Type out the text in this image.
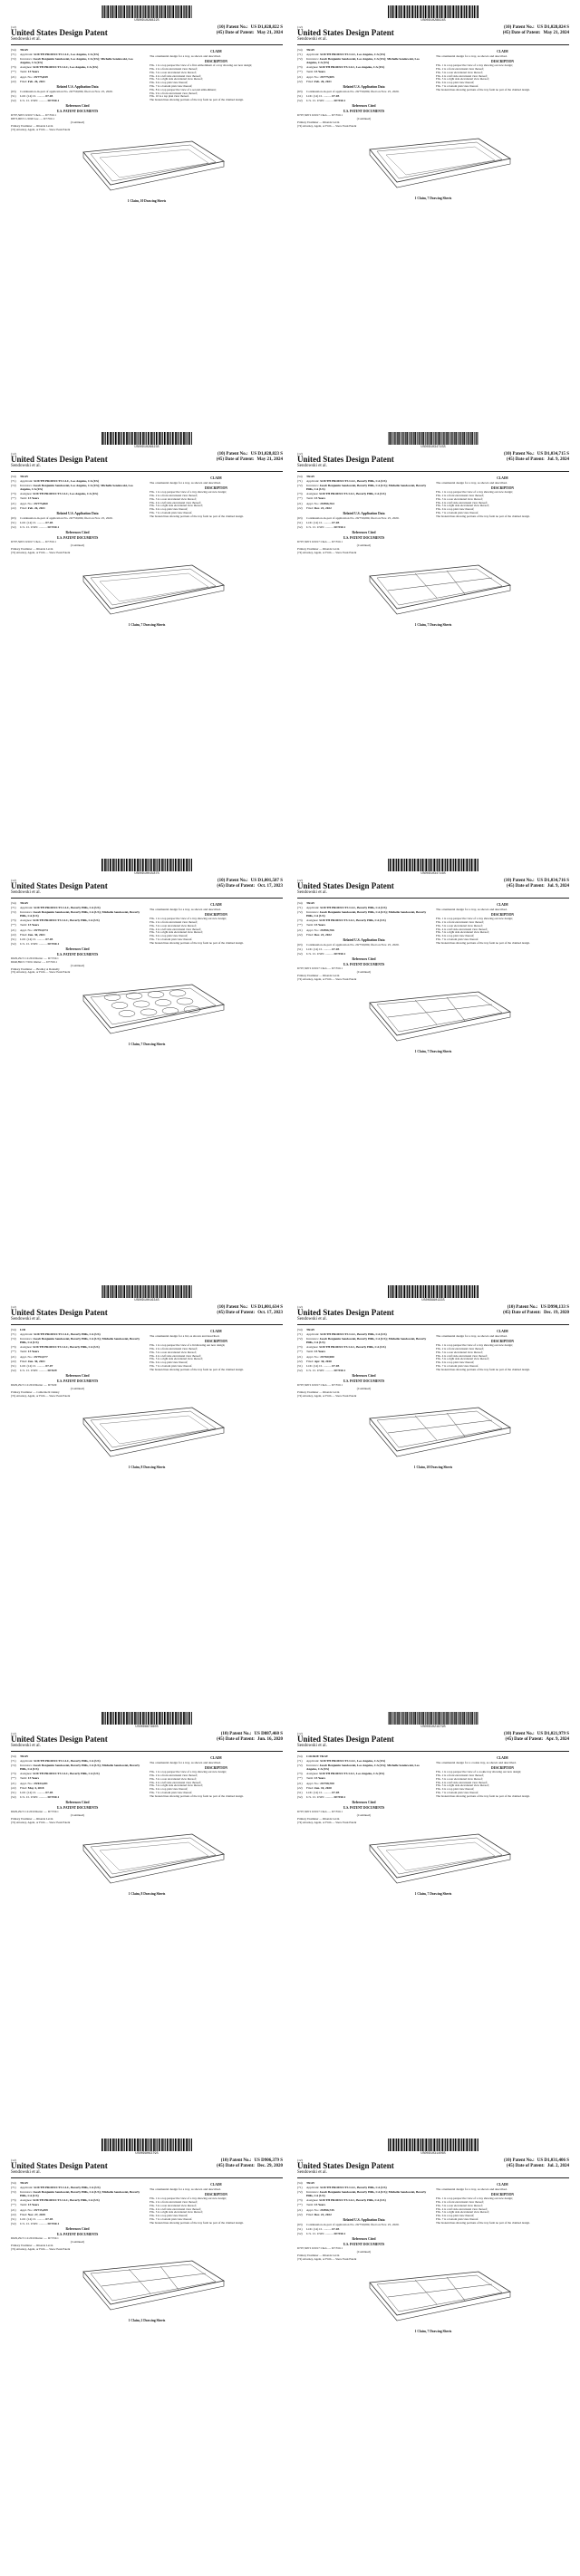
US00D1028822S
(12)
United States Design Patent
Sendowski et al.
(10) Patent No.: US D1,028,822 S
(45) Date of Patent: May 21, 2024
(54)	TRAY
(71)	Applicant: SOUTH PRODUCTS LLC, Los Angeles, CA (US)
(72)	Inventors: Jacob Benjamin Sendowski, Los Angeles, CA (US); Michelle Sendowski, Los Angeles, CA (US)
(73)	Assignee: SOUTH PRODUCTS LLC, Los Angeles, CA (US)
(**)	Term: 15 Years
(21)	Appl. No.: 29/775,849
(22)	Filed: Feb. 26, 2021
Related U.S. Application Data
(63)	Continuation-in-part of application No. 29/759,069, filed on Nov. 25, 2020.
(51)	LOC (14) Cl. .......... 07-05
(52)	U.S. Cl. USPC .......... D7/550.1
References Cited
U.S. PATENT DOCUMENTS
D797,568 S 9/2017 Chen ..... D7/550.1
D873,069 S 1/2020 Lee ..... D7/550.1
(Continued)
Primary Examiner — Rhonda Lavin
(74) Attorney, Agent, or Firm — Snow Peak Patent
CLAIM
The ornamental design for a tray, as shown and described.
DESCRIPTION
FIG. 1 is a top perspective view of a first embodiment of a tray showing our new design;
FIG. 2 is a front elevational view thereof;
FIG. 3 is a rear elevational view thereof;
FIG. 4 is a left side elevational view thereof;
FIG. 5 is a right side elevational view thereof;
FIG. 6 is a top plan view thereof;
FIG. 7 is a bottom plan view thereof;
FIG. 8 is a top perspective view of a second embodiment;
FIG. 9 is a front elevational view thereof;
FIG. 10 is a top plan view thereof.
The broken lines showing portions of the tray form no part of the claimed design.
1 Claim, 10 Drawing Sheets
US00D1028824S
(12)
United States Design Patent
Sendowski et al.
(10) Patent No.: US D1,028,824 S
(45) Date of Patent: May 21, 2024
(54)	TRAY
(71)	Applicant: SOUTH PRODUCTS LLC, Los Angeles, CA (US)
(72)	Inventors: Jacob Benjamin Sendowski, Los Angeles, CA (US); Michelle Sendowski, Los Angeles, CA (US)
(73)	Assignee: SOUTH PRODUCTS LLC, Los Angeles, CA (US)
(**)	Term: 15 Years
(21)	Appl. No.: 29/775,905
(22)	Filed: Feb. 26, 2021
Related U.S. Application Data
(63)	Continuation-in-part of application No. 29/759,069, filed on Nov. 25, 2020.
(51)	LOC (14) Cl. .......... 07-05
(52)	U.S. Cl. USPC .......... D7/550.1
References Cited
U.S. PATENT DOCUMENTS
D797,568 S 9/2017 Chen ..... D7/550.1
(Continued)
Primary Examiner — Rhonda Lavin
(74) Attorney, Agent, or Firm — Snow Peak Patent
CLAIM
The ornamental design for a tray, as shown and described.
DESCRIPTION
FIG. 1 is a top perspective view of a tray showing our new design;
FIG. 2 is a front elevational view thereof;
FIG. 3 is a rear elevational view thereof;
FIG. 4 is a left side elevational view thereof;
FIG. 5 is a right side elevational view thereof;
FIG. 6 is a top plan view thereof;
FIG. 7 is a bottom plan view thereof.
The broken lines showing portions of the tray form no part of the claimed design.
1 Claim, 7 Drawing Sheets
US00D1028823S
(12)
United States Design Patent
Sendowski et al.
(10) Patent No.: US D1,028,823 S
(45) Date of Patent: May 21, 2024
(54)	TRAY
(71)	Applicant: SOUTH PRODUCTS LLC, Los Angeles, CA (US)
(72)	Inventors: Jacob Benjamin Sendowski, Los Angeles, CA (US); Michelle Sendowski, Los Angeles, CA (US)
(73)	Assignee: SOUTH PRODUCTS LLC, Los Angeles, CA (US)
(**)	Term: 15 Years
(21)	Appl. No.: 29/775,860
(22)	Filed: Feb. 26, 2021
Related U.S. Application Data
(63)	Continuation-in-part of application No. 29/759,069, filed on Nov. 25, 2020.
(51)	LOC (14) Cl. .......... 07-05
(52)	U.S. Cl. USPC .......... D7/550.1
References Cited
U.S. PATENT DOCUMENTS
D797,568 S 9/2017 Chen ..... D7/550.1
(Continued)
Primary Examiner — Rhonda Lavin
(74) Attorney, Agent, or Firm — Snow Peak Patent
CLAIM
The ornamental design for a tray, as shown and described.
DESCRIPTION
FIG. 1 is a top perspective view of a tray showing our new design;
FIG. 2 is a front elevational view thereof;
FIG. 3 is a rear elevational view thereof;
FIG. 4 is a left side elevational view thereof;
FIG. 5 is a right side elevational view thereof;
FIG. 6 is a top plan view thereof;
FIG. 7 is a bottom plan view thereof.
The broken lines showing portions of the tray form no part of the claimed design.
1 Claim, 7 Drawing Sheets
US00D1034715S
(12)
United States Design Patent
Sendowski et al.
(10) Patent No.: US D1,034,715 S
(45) Date of Patent: Jul. 9, 2024
(54)	TRAY
(71)	Applicant: SOUTH PRODUCTS LLC, Beverly Hills, CA (US)
(72)	Inventors: Jacob Benjamin Sendowski, Beverly Hills, CA (US); Michelle Sendowski, Beverly Hills, CA (US)
(73)	Assignee: SOUTH PRODUCTS LLC, Beverly Hills, CA (US)
(**)	Term: 15 Years
(21)	Appl. No.: 29/856,764
(22)	Filed: Dec. 23, 2022
Related U.S. Application Data
(63)	Continuation-in-part of application No. 29/759,069, filed on Nov. 25, 2020.
(51)	LOC (14) Cl. .......... 07-05
(52)	U.S. Cl. USPC .......... D7/550.1
References Cited
U.S. PATENT DOCUMENTS
D797,568 S 9/2017 Chen ..... D7/550.1
(Continued)
Primary Examiner — Rhonda Lavin
(74) Attorney, Agent, or Firm — Snow Peak Patent
CLAIM
The ornamental design for a tray, as shown and described.
DESCRIPTION
FIG. 1 is a top perspective view of a tray showing our new design;
FIG. 2 is a front elevational view thereof;
FIG. 3 is a rear elevational view thereof;
FIG. 4 is a left side elevational view thereof;
FIG. 5 is a right side elevational view thereof;
FIG. 6 is a top plan view thereof;
FIG. 7 is a bottom plan view thereof.
The broken lines showing portions of the tray form no part of the claimed design.
1 Claim, 7 Drawing Sheets
US00D1001587S
(12)
United States Design Patent
Sendowski et al.
(10) Patent No.: US D1,001,587 S
(45) Date of Patent: Oct. 17, 2023
(54)	TRAY
(71)	Applicant: SOUTH PRODUCTS LLC, Beverly Hills, CA (US)
(72)	Inventors: Jacob Benjamin Sendowski, Beverly Hills, CA (US); Michelle Sendowski, Beverly Hills, CA (US)
(73)	Assignee: SOUTH PRODUCTS LLC, Beverly Hills, CA (US)
(**)	Term: 15 Years
(21)	Appl. No.: 29/794,574
(22)	Filed: Jun. 30, 2021
(51)	LOC (14) Cl. .......... 07-05
(52)	U.S. Cl. USPC .......... D7/550.1
References Cited
U.S. PATENT DOCUMENTS
D629,292 S 12/2010 Rutter ..... D7/550.1
D640,896 S 7/2011 Rutter ..... D7/550.1
(Continued)
Primary Examiner — Bradley A Donnelly
(74) Attorney, Agent, or Firm — Snow Peak Patent
CLAIM
The ornamental design for a tray, as shown and described.
DESCRIPTION
FIG. 1 is a top perspective view of a tray showing our new design;
FIG. 2 is a front elevational view thereof;
FIG. 3 is a rear elevational view thereof;
FIG. 4 is a left side elevational view thereof;
FIG. 5 is a right side elevational view thereof;
FIG. 6 is a top plan view thereof;
FIG. 7 is a bottom plan view thereof.
The broken lines showing portions of the tray form no part of the claimed design.
1 Claim, 7 Drawing Sheets
US00D1034716S
(12)
United States Design Patent
Sendowski et al.
(10) Patent No.: US D1,034,716 S
(45) Date of Patent: Jul. 9, 2024
(54)	TRAY
(71)	Applicant: SOUTH PRODUCTS LLC, Beverly Hills, CA (US)
(72)	Inventors: Jacob Benjamin Sendowski, Beverly Hills, CA (US); Michelle Sendowski, Beverly Hills, CA (US)
(73)	Assignee: SOUTH PRODUCTS LLC, Beverly Hills, CA (US)
(**)	Term: 15 Years
(21)	Appl. No.: 29/856,766
(22)	Filed: Dec. 23, 2022
Related U.S. Application Data
(63)	Continuation-in-part of application No. 29/759,069, filed on Nov. 25, 2020.
(51)	LOC (14) Cl. .......... 07-05
(52)	U.S. Cl. USPC .......... D7/550.1
References Cited
U.S. PATENT DOCUMENTS
D797,568 S 9/2017 Chen ..... D7/550.1
(Continued)
Primary Examiner — Rhonda Lavin
(74) Attorney, Agent, or Firm — Snow Peak Patent
CLAIM
The ornamental design for a tray, as shown and described.
DESCRIPTION
FIG. 1 is a top perspective view of a tray showing our new design;
FIG. 2 is a front elevational view thereof;
FIG. 3 is a rear elevational view thereof;
FIG. 4 is a left side elevational view thereof;
FIG. 5 is a right side elevational view thereof;
FIG. 6 is a top plan view thereof;
FIG. 7 is a bottom plan view thereof.
The broken lines showing portions of the tray form no part of the claimed design.
1 Claim, 7 Drawing Sheets
US00D1001634S
(12)
United States Design Patent
Sendowski et al.
(10) Patent No.: US D1,001,634 S
(45) Date of Patent: Oct. 17, 2023
(54)	LID
(71)	Applicant: SOUTH PRODUCTS LLC, Beverly Hills, CA (US)
(72)	Inventors: Jacob Benjamin Sendowski, Beverly Hills, CA (US); Michelle Sendowski, Beverly Hills, CA (US)
(73)	Assignee: SOUTH PRODUCTS LLC, Beverly Hills, CA (US)
(**)	Term: 15 Years
(21)	Appl. No.: 29/794,577
(22)	Filed: Jun. 30, 2021
(51)	LOC (14) Cl. .......... 07-07
(52)	U.S. Cl. USPC .......... D7/629
References Cited
U.S. PATENT DOCUMENTS
D629,292 S 12/2010 Rutter ..... D7/629
(Continued)
Primary Examiner — Catherine R Oakley
(74) Attorney, Agent, or Firm — Snow Peak Patent
CLAIM
The ornamental design for a lid, as shown and described.
DESCRIPTION
FIG. 1 is a top perspective view of a lid showing our new design;
FIG. 2 is a front elevational view thereof;
FIG. 3 is a rear elevational view thereof;
FIG. 4 is a left side elevational view thereof;
FIG. 5 is a right side elevational view thereof;
FIG. 6 is a top plan view thereof;
FIG. 7 is a bottom plan view thereof.
The broken lines showing portions of the tray form no part of the claimed design.
1 Claim, 8 Drawing Sheets
US00D990133S
(12)
United States Design Patent
Sendowski et al.
(10) Patent No.: US D990,133 S
(45) Date of Patent: Dec. 19, 2020
(54)	TRAY
(71)	Applicant: SOUTH PRODUCTS LLC, Beverly Hills, CA (US)
(72)	Inventors: Jacob Benjamin Sendowski, Beverly Hills, CA (US); Michelle Sendowski, Beverly Hills, CA (US)
(73)	Assignee: SOUTH PRODUCTS LLC, Beverly Hills, CA (US)
(**)	Term: 15 Years
(21)	Appl. No.: 29/760,980
(22)	Filed: Apr. 30, 2020
(51)	LOC (14) Cl. .......... 07-05
(52)	U.S. Cl. USPC .......... D7/550.1
References Cited
U.S. PATENT DOCUMENTS
D797,568 S 9/2017 Chen ..... D7/550.1
(Continued)
Primary Examiner — Rhonda Lavin
(74) Attorney, Agent, or Firm — Snow Peak Patent
CLAIM
The ornamental design for a tray, as shown and described.
DESCRIPTION
FIG. 1 is a top perspective view of a tray showing our new design;
FIG. 2 is a front elevational view thereof;
FIG. 3 is a rear elevational view thereof;
FIG. 4 is a left side elevational view thereof;
FIG. 5 is a right side elevational view thereof;
FIG. 6 is a top plan view thereof;
FIG. 7 is a bottom plan view thereof.
The broken lines showing portions of the tray form no part of the claimed design.
1 Claim, 20 Drawing Sheets
US00D887460S
(12)
United States Design Patent
Sendowski et al.
(10) Patent No.: US D887,460 S
(45) Date of Patent: Jun. 16, 2020
(54)	TRAY
(71)	Applicant: SOUTH PRODUCTS LLC, Beverly Hills, CA (US)
(72)	Inventors: Jacob Benjamin Sendowski, Beverly Hills, CA (US); Michelle Sendowski, Beverly Hills, CA (US)
(73)	Assignee: SOUTH PRODUCTS LLC, Beverly Hills, CA (US)
(**)	Term: 15 Years
(21)	Appl. No.: 29/634,281
(22)	Filed: May 4, 2018
(51)	LOC (14) Cl. .......... 07-05
(52)	U.S. Cl. USPC .......... D7/550.1
References Cited
U.S. PATENT DOCUMENTS
D629,292 S 12/2010 Rutter ..... D7/550.1
(Continued)
Primary Examiner — Rhonda Lavin
(74) Attorney, Agent, or Firm — Snow Peak Patent
CLAIM
The ornamental design for a tray, as shown and described.
DESCRIPTION
FIG. 1 is a top perspective view of a tray showing our new design;
FIG. 2 is a front elevational view thereof;
FIG. 3 is a rear elevational view thereof;
FIG. 4 is a left side elevational view thereof;
FIG. 5 is a right side elevational view thereof;
FIG. 6 is a top plan view thereof;
FIG. 7 is a bottom plan view thereof.
The broken lines showing portions of the tray form no part of the claimed design.
1 Claim, 8 Drawing Sheets
US00D1021979S
(12)
United States Design Patent
Sendowski et al.
(10) Patent No.: US D1,021,979 S
(45) Date of Patent: Apr. 9, 2024
(54)	COOKIE TRAY
(71)	Applicant: SOUTH PRODUCTS LLC, Los Angeles, CA (US)
(72)	Inventors: Jacob Benjamin Sendowski, Los Angeles, CA (US); Michelle Sendowski, Los Angeles, CA (US)
(73)	Assignee: SOUTH PRODUCTS LLC, Los Angeles, CA (US)
(**)	Term: 15 Years
(21)	Appl. No.: 29/758,700
(22)	Filed: Jun. 10, 2020
(51)	LOC (14) Cl. .......... 07-05
(52)	U.S. Cl. USPC .......... D7/550.1
References Cited
U.S. PATENT DOCUMENTS
D797,568 S 9/2017 Chen ..... D7/550.1
(Continued)
Primary Examiner — Rhonda Lavin
(74) Attorney, Agent, or Firm — Snow Peak Patent
CLAIM
The ornamental design for a cookie tray, as shown and described.
DESCRIPTION
FIG. 1 is a top perspective view of a cookie tray showing our new design;
FIG. 2 is a front elevational view thereof;
FIG. 3 is a rear elevational view thereof;
FIG. 4 is a left side elevational view thereof;
FIG. 5 is a right side elevational view thereof;
FIG. 6 is a top plan view thereof;
FIG. 7 is a bottom plan view thereof.
The broken lines showing portions of the tray form no part of the claimed design.
1 Claim, 7 Drawing Sheets
US00D906379S
(12)
United States Design Patent
Sendowski et al.
(10) Patent No.: US D906,379 S
(45) Date of Patent: Dec. 29, 2020
(54)	TRAY
(71)	Applicant: SOUTH PRODUCTS LLC, Beverly Hills, CA (US)
(72)	Inventors: Jacob Benjamin Sendowski, Beverly Hills, CA (US); Michelle Sendowski, Beverly Hills, CA (US)
(73)	Assignee: SOUTH PRODUCTS LLC, Beverly Hills, CA (US)
(**)	Term: 15 Years
(21)	Appl. No.: 29/715,499
(22)	Filed: Nov. 27, 2019
(51)	LOC (14) Cl. .......... 07-05
(52)	U.S. Cl. USPC .......... D7/550.1
References Cited
U.S. PATENT DOCUMENTS
D629,292 S 12/2010 Rutter ..... D7/550.1
(Continued)
Primary Examiner — Rhonda Lavin
(74) Attorney, Agent, or Firm — Snow Peak Patent
CLAIM
The ornamental design for a tray, as shown and described.
DESCRIPTION
FIG. 1 is a top perspective view of a tray showing our new design;
FIG. 2 is a front elevational view thereof;
FIG. 3 is a rear elevational view thereof;
FIG. 4 is a left side elevational view thereof;
FIG. 5 is a right side elevational view thereof;
FIG. 6 is a top plan view thereof;
FIG. 7 is a bottom plan view thereof.
The broken lines showing portions of the tray form no part of the claimed design.
1 Claim, 2 Drawing Sheets
US00D1031406S
(12)
United States Design Patent
Sendowski et al.
(10) Patent No.: US D1,031,406 S
(45) Date of Patent: Jul. 2, 2024
(54)	TRAY
(71)	Applicant: SOUTH PRODUCTS LLC, Beverly Hills, CA (US)
(72)	Inventors: Jacob Benjamin Sendowski, Beverly Hills, CA (US); Michelle Sendowski, Beverly Hills, CA (US)
(73)	Assignee: SOUTH PRODUCTS LLC, Beverly Hills, CA (US)
(**)	Term: 15 Years
(21)	Appl. No.: 29/856,745
(22)	Filed: Dec. 23, 2022
Related U.S. Application Data
(63)	Continuation-in-part of application No. 29/759,069, filed on Nov. 25, 2020.
(51)	LOC (14) Cl. .......... 07-05
(52)	U.S. Cl. USPC .......... D7/550.1
References Cited
U.S. PATENT DOCUMENTS
D797,568 S 9/2017 Chen ..... D7/550.1
(Continued)
Primary Examiner — Rhonda Lavin
(74) Attorney, Agent, or Firm — Snow Peak Patent
CLAIM
The ornamental design for a tray, as shown and described.
DESCRIPTION
FIG. 1 is a top perspective view of a tray showing our new design;
FIG. 2 is a front elevational view thereof;
FIG. 3 is a rear elevational view thereof;
FIG. 4 is a left side elevational view thereof;
FIG. 5 is a right side elevational view thereof;
FIG. 6 is a top plan view thereof;
FIG. 7 is a bottom plan view thereof.
The broken lines showing portions of the tray form no part of the claimed design.
1 Claim, 7 Drawing Sheets
